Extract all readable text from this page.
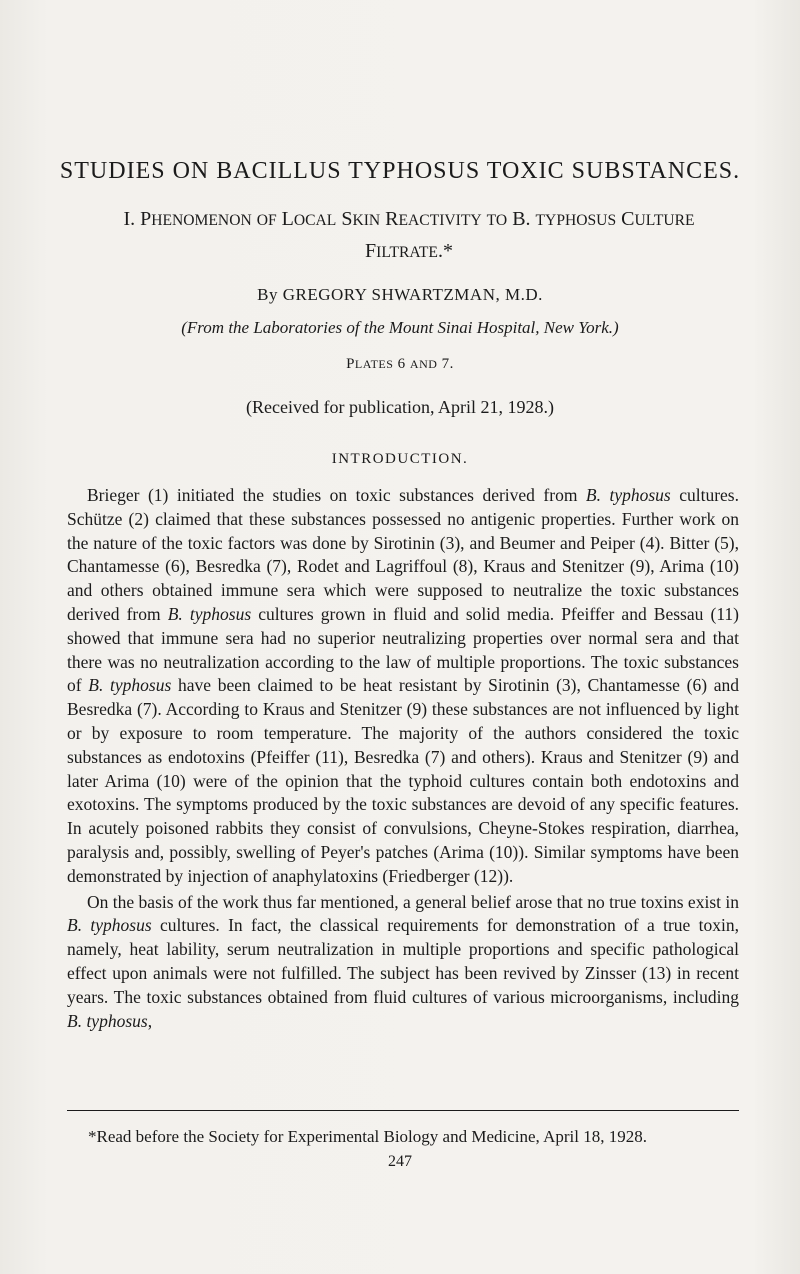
STUDIES ON BACILLUS TYPHOSUS TOXIC SUBSTANCES.
I. PHENOMENON OF LOCAL SKIN REACTIVITY TO B. TYPHOSUS CULTURE
FILTRATE.*
By GREGORY SHWARTZMAN, M.D.
(From the Laboratories of the Mount Sinai Hospital, New York.)
PLATES 6 AND 7.
(Received for publication, April 21, 1928.)
INTRODUCTION.

Brieger (1) initiated the studies on toxic substances derived from B. typhosus cultures. Schütze (2) claimed that these substances possessed no antigenic properties. Further work on the nature of the toxic factors was done by Sirotinin (3), and Beumer and Peiper (4). Bitter (5), Chantamesse (6), Besredka (7), Rodet and Lagriffoul (8), Kraus and Stenitzer (9), Arima (10) and others obtained immune sera which were supposed to neutralize the toxic substances derived from B. typhosus cultures grown in fluid and solid media. Pfeiffer and Bessau (11) showed that immune sera had no superior neutralizing properties over normal sera and that there was no neutralization according to the law of multiple proportions. The toxic substances of B. typhosus have been claimed to be heat resistant by Sirotinin (3), Chantamesse (6) and Besredka (7). According to Kraus and Stenitzer (9) these substances are not influenced by light or by exposure to room temperature. The majority of the authors considered the toxic substances as endotoxins (Pfeiffer (11), Besredka (7) and others). Kraus and Stenitzer (9) and later Arima (10) were of the opinion that the typhoid cultures contain both endotoxins and exotoxins. The symptoms produced by the toxic substances are devoid of any specific features. In acutely poisoned rabbits they consist of convulsions, Cheyne-Stokes respiration, diarrhea, paralysis and, possibly, swelling of Peyer's patches (Arima (10)). Similar symptoms have been demonstrated by injection of anaphylatoxins (Friedberger (12)).

On the basis of the work thus far mentioned, a general belief arose that no true toxins exist in B. typhosus cultures. In fact, the classical requirements for demonstration of a true toxin, namely, heat lability, serum neutralization in multiple proportions and specific pathological effect upon animals were not fulfilled. The subject has been revived by Zinsser (13) in recent years. The toxic substances obtained from fluid cultures of various microorganisms, including B. typhosus,

*Read before the Society for Experimental Biology and Medicine, April 18, 1928.
247
